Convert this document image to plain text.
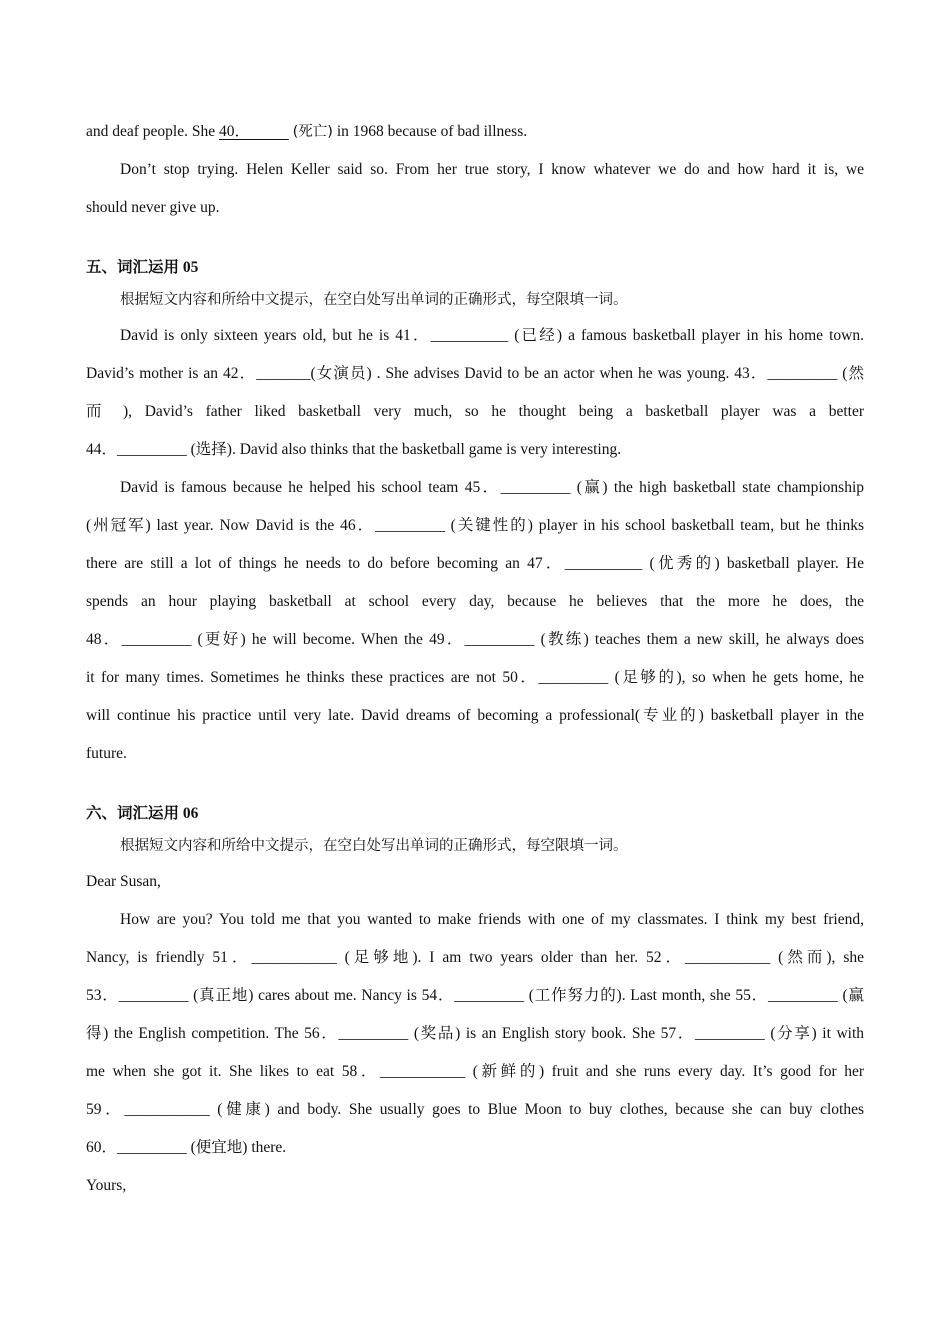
and deaf people. She 40．	(死亡) in 1968 because of bad illness.
Don’t stop trying. Helen Keller said so. From her true story, I know whatever we do and how hard it is, we
should never give up.
五、词汇运用 05
根据短文内容和所给中文提示，在空白处写出单词的正确形式，每空限填一词。
David is only sixteen years old, but he is 41．__________ (已经) a famous basketball player in his home town.
David’s mother is an 42．_______(女演员) . She advises David to be an actor when he was young. 43．_________ (然
而 ), David’s father liked basketball very much, so he thought being a basketball player was a better
44．_________ (选择). David also thinks that the basketball game is very interesting.
David is famous because he helped his school team 45．_________ (赢) the high basketball state championship
(州冠军) last year. Now David is the 46．_________ (关键性的) player in his school basketball team, but he thinks
there are still a lot of things he needs to do before becoming an 47．__________ (优秀的) basketball player. He
spends an hour playing basketball at school every day, because he believes that the more he does, the
48．_________ (更好) he will become. When the 49．_________ (教练) teaches them a new skill, he always does
it for many times. Sometimes he thinks these practices are not 50．_________ (足够的), so when he gets home, he
will continue his practice until very late. David dreams of becoming a professional(专业的) basketball player in the
future.
六、词汇运用 06
根据短文内容和所给中文提示，在空白处写出单词的正确形式，每空限填一词。
Dear Susan,
How are you? You told me that you wanted to make friends with one of my classmates. I think my best friend,
Nancy, is friendly 51．___________ (足够地). I am two years older than her. 52．___________ (然而), she
53．_________ (真正地) cares about me. Nancy is 54．_________ (工作努力的). Last month, she 55．_________ (赢
得) the English competition. The 56．_________ (奖品) is an English story book. She 57．_________ (分享) it with
me when she got it. She likes to eat 58．___________ (新鲜的) fruit and she runs every day. It’s good for her
59．___________ (健康) and body. She usually goes to Blue Moon to buy clothes, because she can buy clothes
60．_________ (便宜地) there.
Yours,
